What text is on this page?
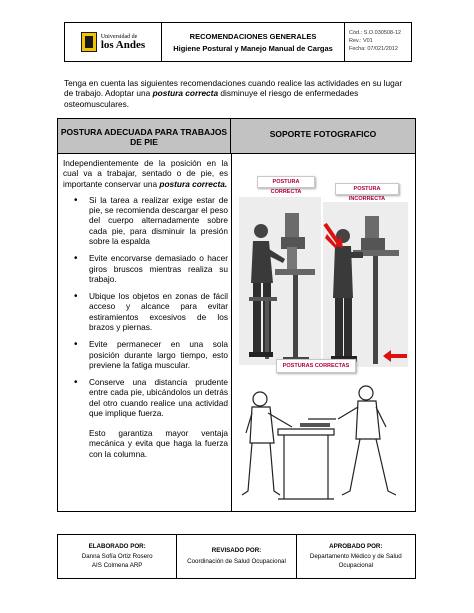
Universidad de
los Andes
RECOMENDACIONES GENERALES
Higiene Postural y Manejo Manual de Cargas
Cód.: S.O.030508-12
Rev.: V01
Fecha: 07/021/2012
Tenga en cuenta las siguientes recomendaciones cuando realice las actividades en su lugar de trabajo. Adoptar una postura correcta disminuye el riesgo de enfermedades osteomusculares.
POSTURA ADECUADA PARA TRABAJOS DE PIE
SOPORTE FOTOGRAFICO

Independientemente de la posición en la cual va a trabajar, sentado o de pie, es importante conservar una postura correcta.

• Si la tarea a realizar exige estar de pie, se recomienda descargar el peso del cuerpo alternadamente sobre cada pie, para disminuir la presión sobre la espalda
• Evite encorvarse demasiado o hacer giros bruscos mientras realiza su trabajo.
• Ubique los objetos en zonas de fácil acceso y alcance para evitar estiramientos excesivos de los brazos y piernas.
• Evite permanecer en una sola posición durante largo tiempo, esto previene la fatiga muscular.
• Conserve una distancia prudente entre cada pie, ubicándolos un detrás del otro cuando realice una actividad que implique fuerza.
Esto garantiza mayor ventaja mecánica y evita que haga la fuerza con la columna.
POSTURA CORRECTA	POSTURA INCORRECTA
POSTURAS CORRECTAS
ELABORADO POR:
Danna Sofía Ortiz Rosero
AIS Colmena ARP
REVISADO POR:
Coordinación de Salud Ocupacional
APROBADO POR:
Departamento Médico y de Salud Ocupacional
